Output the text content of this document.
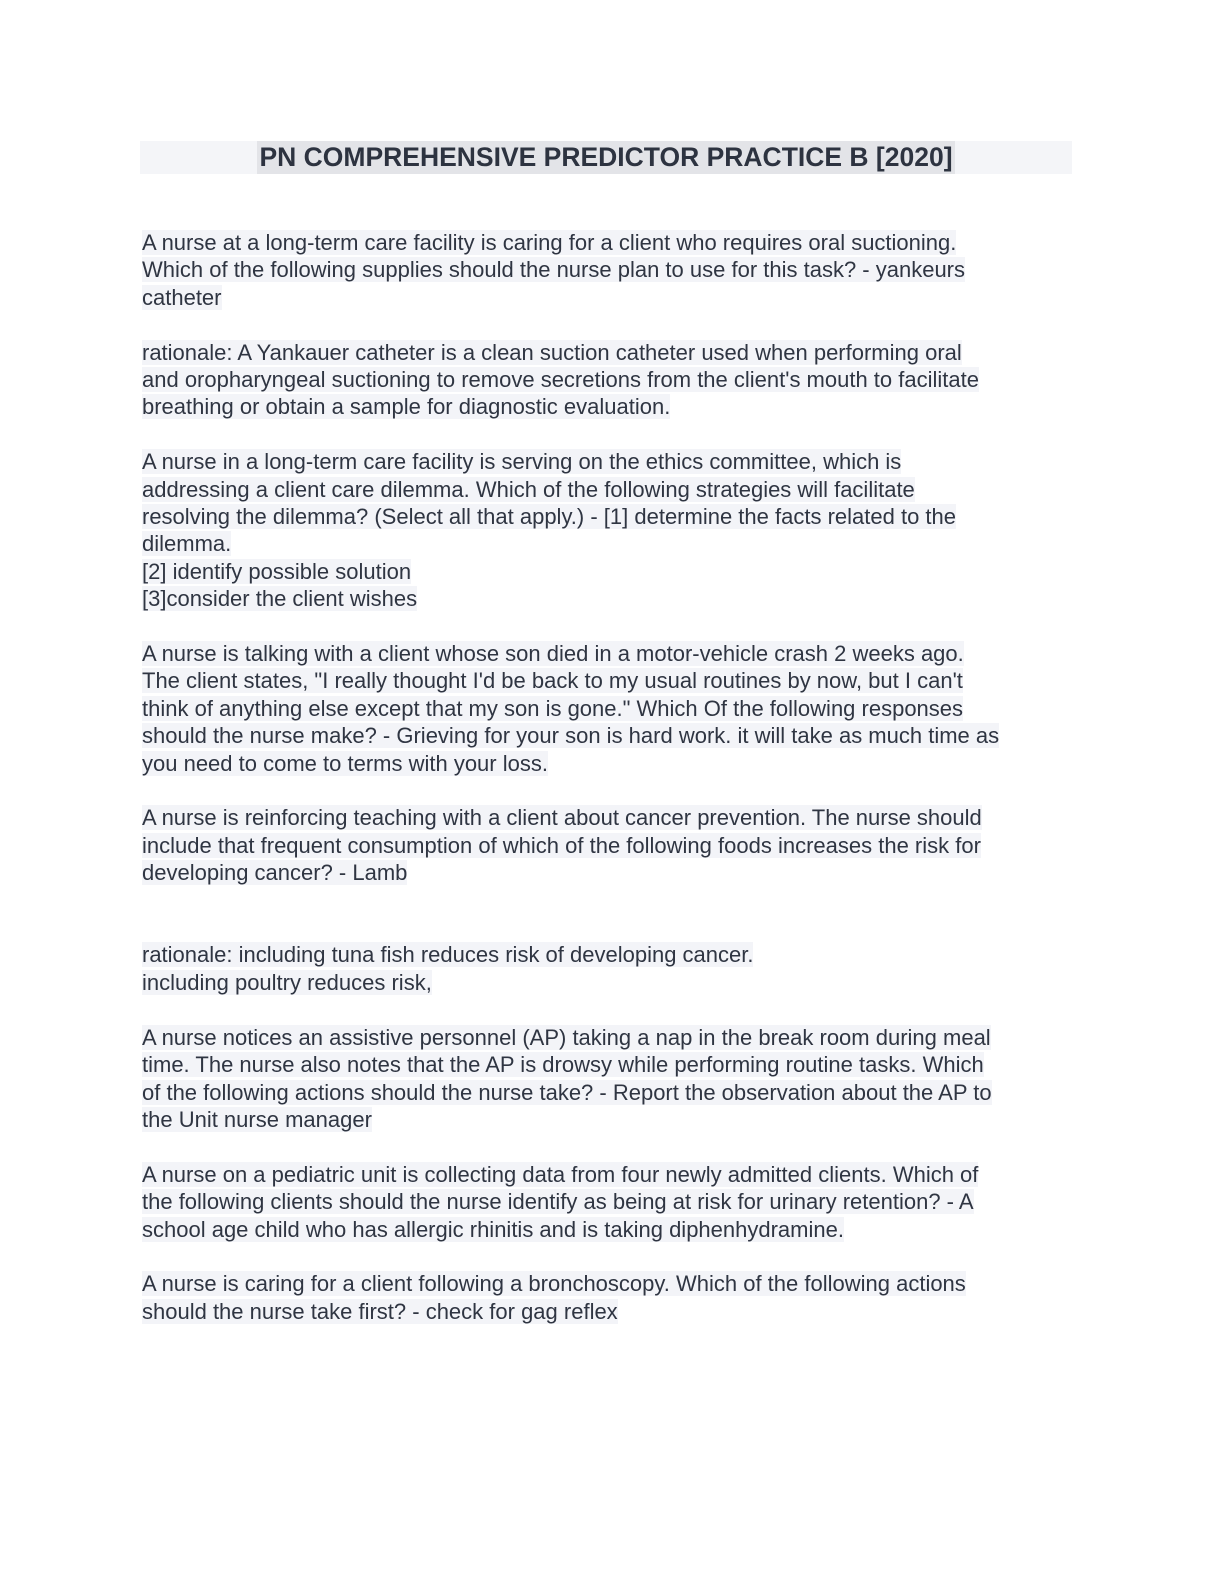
PN COMPREHENSIVE PREDICTOR PRACTICE B [2020]
A nurse at a long-term care facility is caring for a client who requires oral suctioning.
Which of the following supplies should the nurse plan to use for this task? - yankeurs
catheter
rationale: A Yankauer catheter is a clean suction catheter used when performing oral
and oropharyngeal suctioning to remove secretions from the client's mouth to facilitate
breathing or obtain a sample for diagnostic evaluation.
A nurse in a long-term care facility is serving on the ethics committee, which is
addressing a client care dilemma. Which of the following strategies will facilitate
resolving the dilemma? (Select all that apply.) - [1] determine the facts related to the
dilemma.
[2] identify possible solution
[3]consider the client wishes
A nurse is talking with a client whose son died in a motor-vehicle crash 2 weeks ago.
The client states, "I really thought I'd be back to my usual routines by now, but I can't
think of anything else except that my son is gone." Which Of the following responses
should the nurse make? - Grieving for your son is hard work. it will take as much time as
you need to come to terms with your loss.
A nurse is reinforcing teaching with a client about cancer prevention. The nurse should
include that frequent consumption of which of the following foods increases the risk for
developing cancer? - Lamb
rationale: including tuna fish reduces risk of developing cancer.
including poultry reduces risk,
A nurse notices an assistive personnel (AP) taking a nap in the break room during meal
time. The nurse also notes that the AP is drowsy while performing routine tasks. Which
of the following actions should the nurse take? - Report the observation about the AP to
the Unit nurse manager
A nurse on a pediatric unit is collecting data from four newly admitted clients. Which of
the following clients should the nurse identify as being at risk for urinary retention? - A
school age child who has allergic rhinitis and is taking diphenhydramine.
A nurse is caring for a client following a bronchoscopy. Which of the following actions
should the nurse take first? - check for gag reflex
